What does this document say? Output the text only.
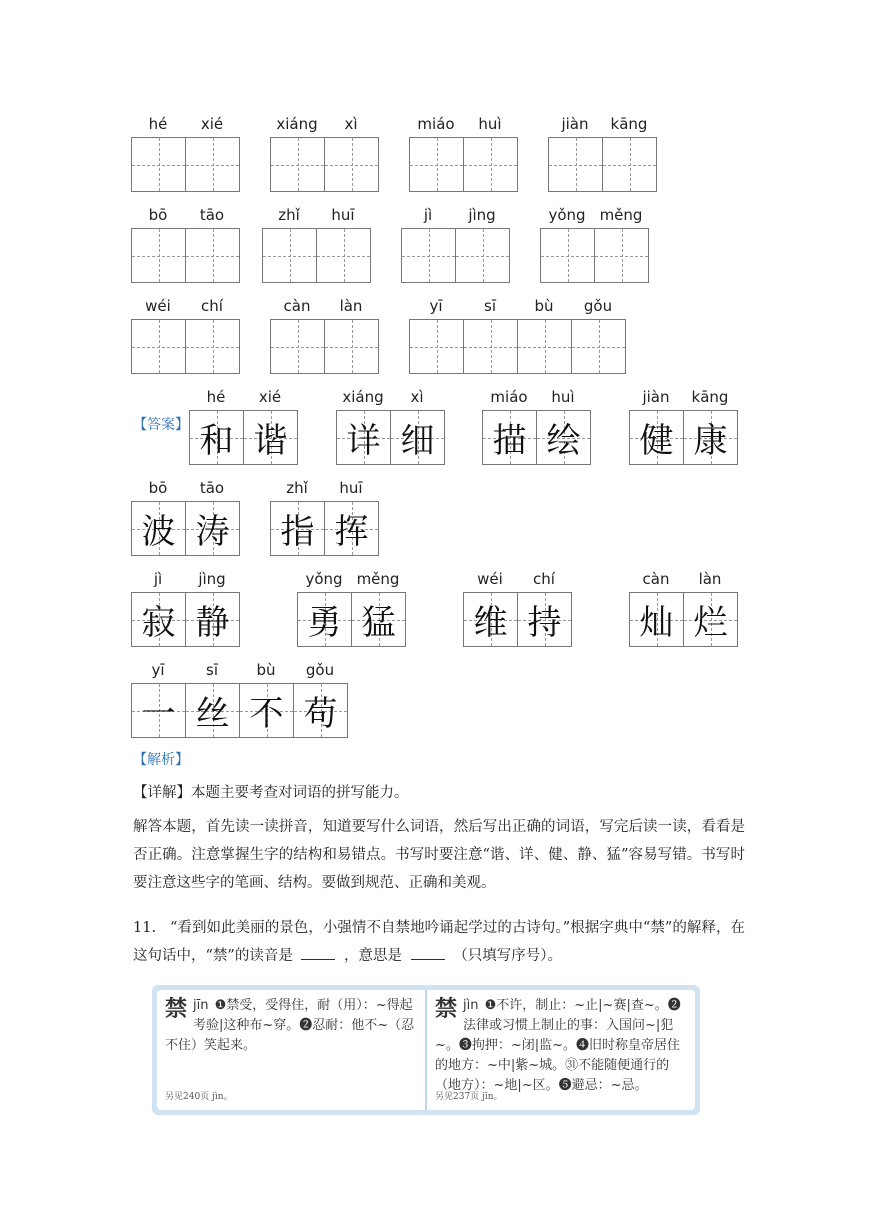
hé	xié	xiáng	xì	miáo	huì	jiàn	kāng
bō	tāo	zhǐ	huī	jì	jìng	yǒng měng
wéi	chí	càn	làn	yī	sī	bù	gǒu
hé	xié
和 谐
xiáng	xì
详 细
miáo	huì
描 绘
jiàn	kāng
健 康
bō	tāo
波 涛
zhǐ	huī
指 挥
jì	jìng
寂 静
yǒng měng
勇 猛
wéi	chí
维 持
càn	làn
灿 烂
yī	sī	bù	gǒu
一 丝 不 苟
【答案】
【解析】
【详解】本题主要考查对词语的拼写能力。
解答本题，首先读一读拼音，知道要写什么词语，然后写出正确的词语，写完后读一读，看看是否正确。注意掌握生字的结构和易错点。书写时要注意“谐、详、健、静、猛”容易写错。书写时要注意这些字的笔画、结构。要做到规范、正确和美观。
11. “看到如此美丽的景色，小强情不自禁地吟诵起学过的古诗句。”根据字典中“禁”的解释，在这句话中，“禁”的读音是	，意思是	（只填写序号）。
禁 jīn ❶禁受，受得住，耐（用）：~得起考验|这种布~穿。❷忍耐：他不~（忍不住）笑起来。
另见240页 jìn。
禁 jìn ❶不许，制止：~止|~赛|查~。❷法律或习惯上制止的事：入国问~|犯~。❸拘押：~闭|监~。❹旧时称皇帝居住的地方：~中|紫~城。㉛不能随便通行的（地方）：~地|~区。❺避忌：~忌。
另见237页 jīn。
